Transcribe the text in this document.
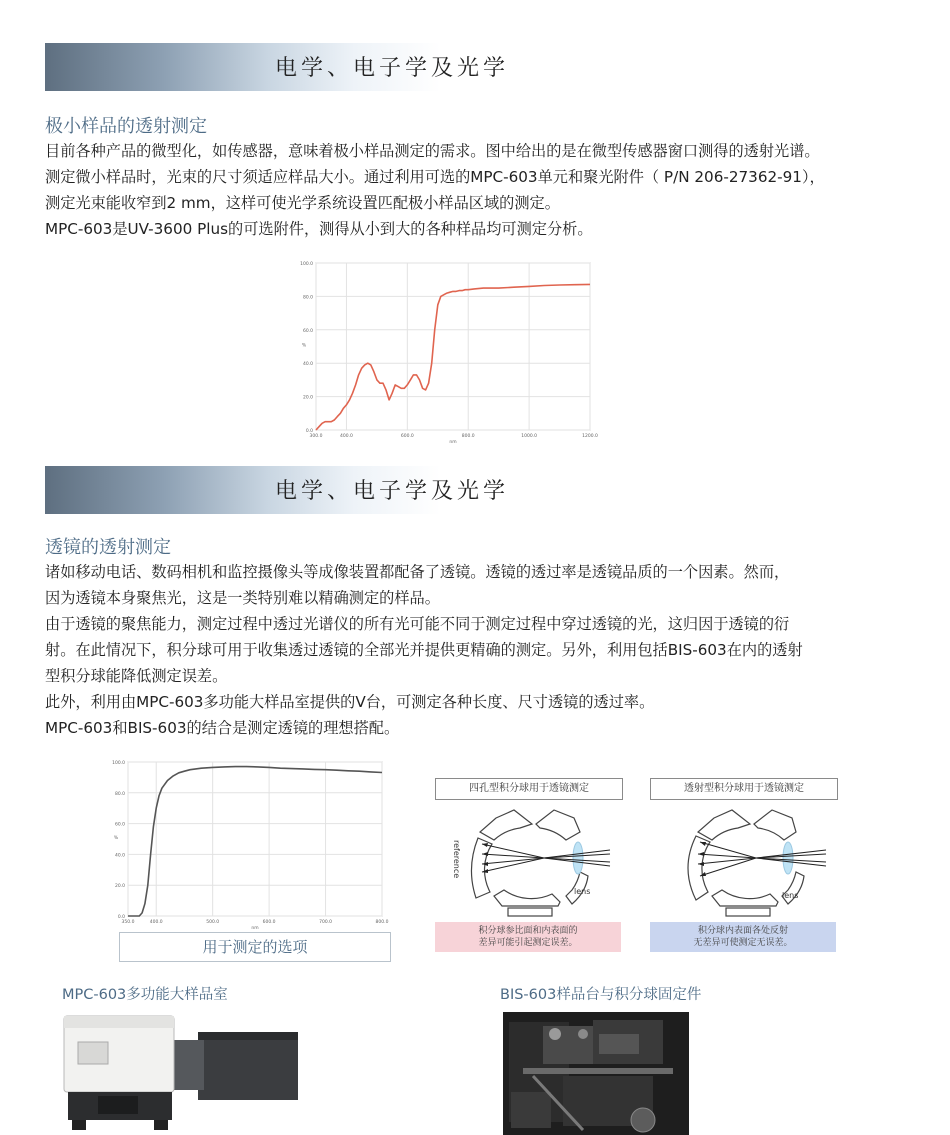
电学、电子学及光学
极小样品的透射测定

目前各种产品的微型化，如传感器，意味着极小样品测定的需求。图中给出的是在微型传感器窗口测得的透射光谱。

测定微小样品时，光束的尺寸须适应样品大小。通过利用可选的MPC-603单元和聚光附件（ P/N 206-27362-91），

测定光束能收窄到2 mm，这样可使光学系统设置匹配极小样品区域的测定。

MPC-603是UV-3600 Plus的可选附件，测得从小到大的各种样品均可测定分析。

0.0
20.0
40.0
60.0
80.0
100.0
300.0	400.0	600.0	800.0	1000.0	1200.0
nm
%
电学、电子学及光学
透镜的透射测定

诸如移动电话、数码相机和监控摄像头等成像装置都配备了透镜。透镜的透过率是透镜品质的一个因素。然而，

因为透镜本身聚焦光，这是一类特别难以精确测定的样品。

由于透镜的聚焦能力，测定过程中透过光谱仪的所有光可能不同于测定过程中穿过透镜的光，这归因于透镜的衍

射。在此情况下，积分球可用于收集透过透镜的全部光并提供更精确的测定。另外，利用包括BIS-603在内的透射

型积分球能降低测定误差。

此外，利用由MPC-603多功能大样品室提供的V台，可测定各种长度、尺寸透镜的透过率。

MPC-603和BIS-603的结合是测定透镜的理想搭配。

0.0
20.0
40.0
60.0
80.0
100.0
350.0	400.0	500.0	600.0	700.0	800.0
nm
%
用于测定的选项
四孔型积分球用于透镜测定
reference
lens
积分球参比面和内表面的
差异可能引起测定误差。
透射型积分球用于透镜测定
lens
积分球内表面各处反射
无差异可使测定无误差。
MPC-603多功能大样品室	BIS-603样品台与积分球固定件
